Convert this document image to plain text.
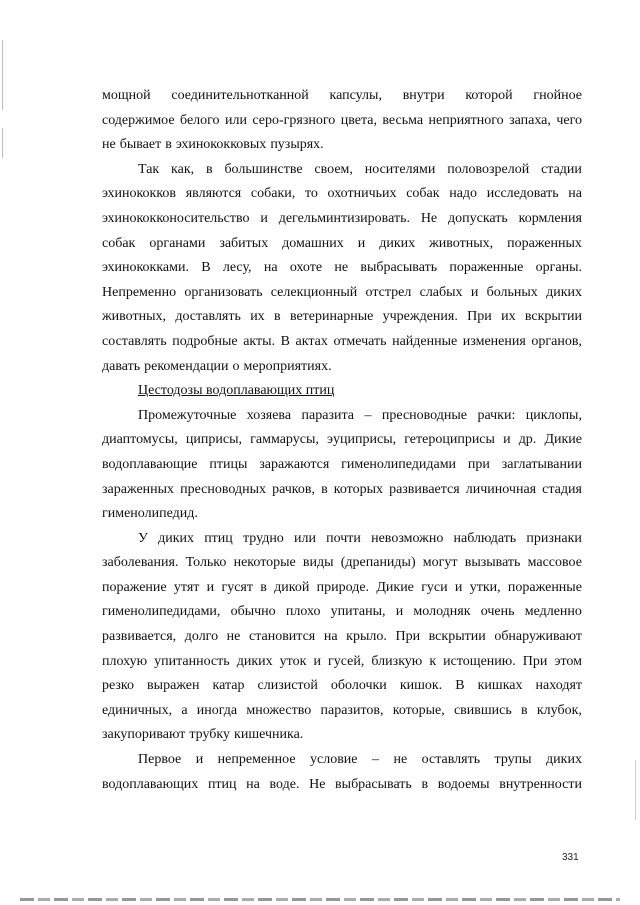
мощной соединительнотканной капсулы, внутри которой гнойное
содержимое белого или серо-грязного цвета, весьма неприятного запаха, чего
не бывает в эхинококковых пузырях.
Так как, в большинстве своем, носителями половозрелой стадии
эхинококков являются собаки, то охотничьих собак надо исследовать на
эхинококконосительство и дегельминтизировать. Не допускать кормления
собак органами забитых домашних и диких животных, пораженных
эхинококками. В лесу, на охоте не выбрасывать пораженные органы.
Непременно организовать селекционный отстрел слабых и больных диких
животных, доставлять их в ветеринарные учреждения. При их вскрытии
составлять подробные акты. В актах отмечать найденные изменения органов,
давать рекомендации о мероприятиях.
Цестодозы водоплавающих птиц
Промежуточные хозяева паразита – пресноводные рачки: циклопы,
диаптомусы, циприсы, гаммарусы, эуциприсы, гетероциприсы и др. Дикие
водоплавающие птицы заражаются гименолипедидами при заглатывании
зараженных пресноводных рачков, в которых развивается личиночная стадия
гименолипедид.
У диких птиц трудно или почти невозможно наблюдать признаки
заболевания. Только некоторые виды (дрепаниды) могут вызывать массовое
поражение утят и гусят в дикой природе. Дикие гуси и утки, пораженные
гименолипедидами, обычно плохо упитаны, и молодняк очень медленно
развивается, долго не становится на крыло. При вскрытии обнаруживают
плохую упитанность диких уток и гусей, близкую к истощению. При этом
резко выражен катар слизистой оболочки кишок. В кишках находят
единичных, а иногда множество паразитов, которые, свившись в клубок,
закупоривают трубку кишечника.
Первое и непременное условие – не оставлять трупы диких
водоплавающих птиц на воде. Не выбрасывать в водоемы внутренности
331
